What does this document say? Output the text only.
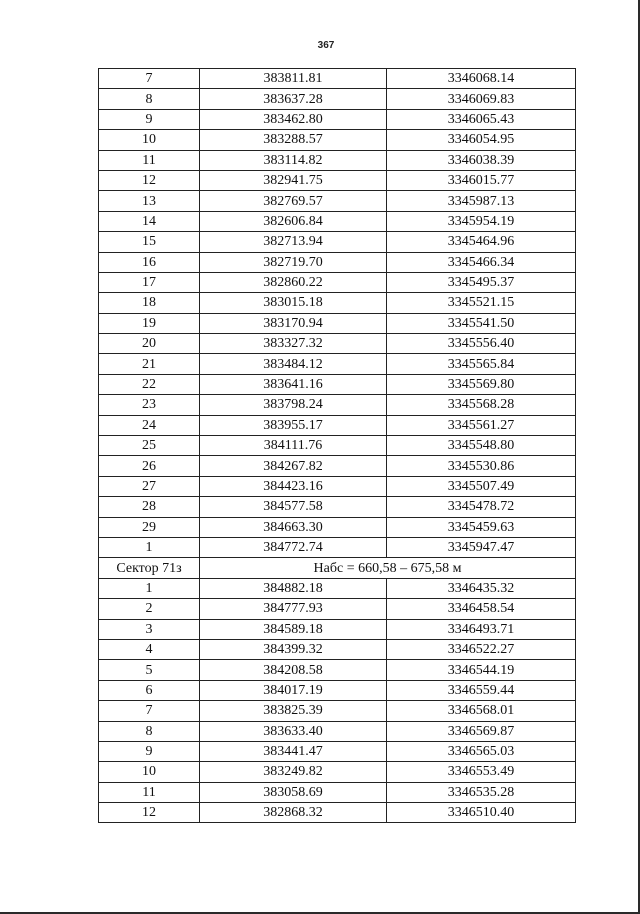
367
7	383811.81	3346068.14
8	383637.28	3346069.83
9	383462.80	3346065.43
10	383288.57	3346054.95
11	383114.82	3346038.39
12	382941.75	3346015.77
13	382769.57	3345987.13
14	382606.84	3345954.19
15	382713.94	3345464.96
16	382719.70	3345466.34
17	382860.22	3345495.37
18	383015.18	3345521.15
19	383170.94	3345541.50
20	383327.32	3345556.40
21	383484.12	3345565.84
22	383641.16	3345569.80
23	383798.24	3345568.28
24	383955.17	3345561.27
25	384111.76	3345548.80
26	384267.82	3345530.86
27	384423.16	3345507.49
28	384577.58	3345478.72
29	384663.30	3345459.63
1	384772.74	3345947.47
Сектор 71з	Набс = 660,58 – 675,58 м	
1	384882.18	3346435.32
2	384777.93	3346458.54
3	384589.18	3346493.71
4	384399.32	3346522.27
5	384208.58	3346544.19
6	384017.19	3346559.44
7	383825.39	3346568.01
8	383633.40	3346569.87
9	383441.47	3346565.03
10	383249.82	3346553.49
11	383058.69	3346535.28
12	382868.32	3346510.40
